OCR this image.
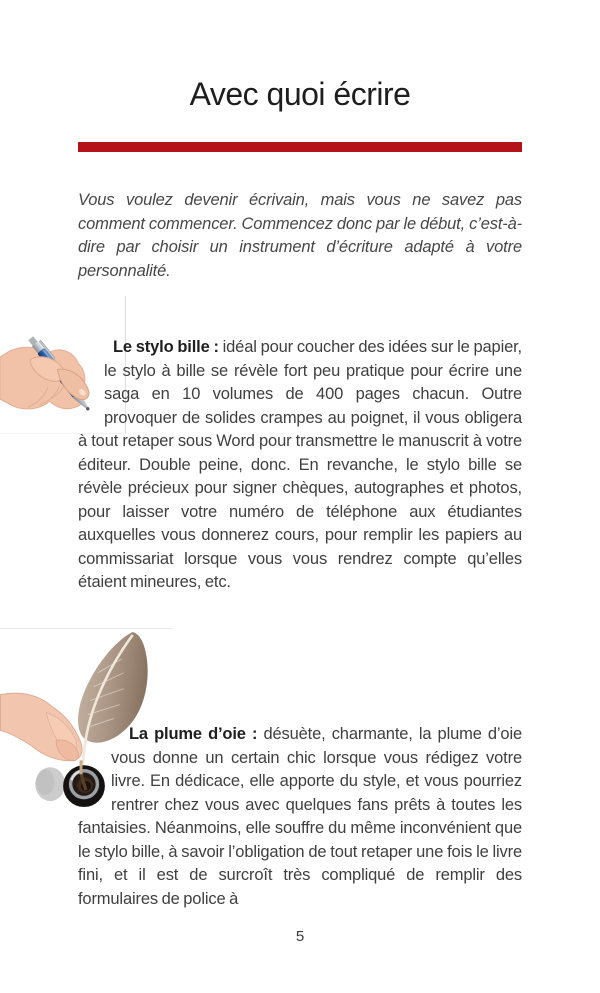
Avec quoi écrire

Vous voulez devenir écrivain, mais vous ne savez pas comment commencer. Commencez donc par le début, c’est-à-dire par choisir un instrument d’écriture adapté à votre personnalité.

Le stylo bille : idéal pour coucher des idées sur le papier, le stylo à bille se révèle fort peu pratique pour écrire une saga en 10 volumes de 400 pages chacun. Outre provoquer de solides crampes au poignet, il vous obligera à tout retaper sous Word pour transmettre le manuscrit à votre éditeur. Double peine, donc. En revanche, le stylo bille se révèle précieux pour signer chèques, autographes et photos, pour laisser votre numéro de téléphone aux étudiantes auxquelles vous donnerez cours, pour remplir les papiers au commissariat lorsque vous vous rendrez compte qu’elles étaient mineures, etc.

La plume d’oie : désuète, charmante, la plume d’oie vous donne un certain chic lorsque vous rédigez votre livre. En dédicace, elle apporte du style, et vous pourriez rentrer chez vous avec quelques fans prêts à toutes les fantaisies. Néanmoins, elle souffre du même inconvénient que le stylo bille, à savoir l’obligation de tout retaper une fois le livre fini, et il est de surcroît très compliqué de remplir des formulaires de police à

5
